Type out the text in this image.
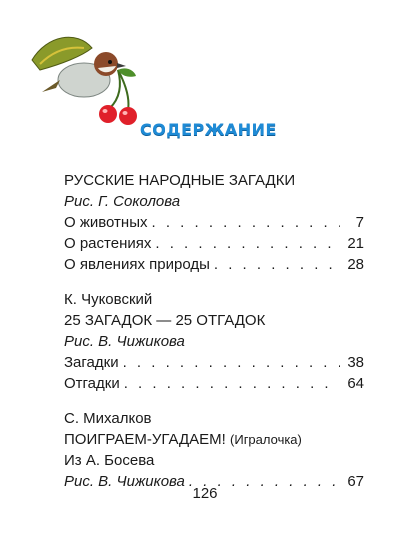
СОДЕРЖАНИЕ
РУССКИЕ НАРОДНЫЕ ЗАГАДКИ
Рис. Г. Соколова
О животных . . .	7
О растениях . . .	21
О явлениях природы . . .	28
К. Чуковский
25 ЗАГАДОК — 25 ОТГАДОК
Рис. В. Чижикова
Загадки . . .	38
Отгадки . . .	64
С. Михалков
ПОИГРАЕМ-УГАДАЕМ! (Игралочка)
Из А. Босева
Рис. В. Чижикова . . .	67
126
